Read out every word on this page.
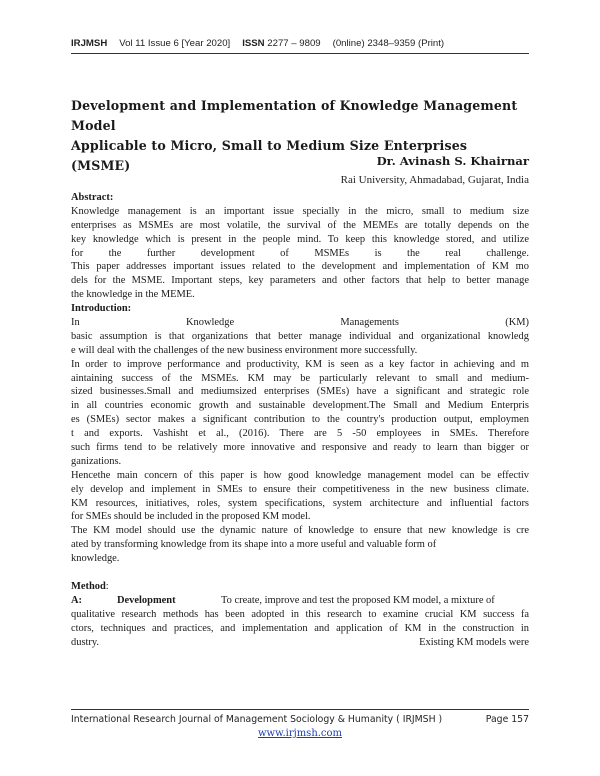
IRJMSH Vol 11 Issue 6 [Year 2020] ISSN 2277 – 9809 (0nline) 2348–9359 (Print)
Development and Implementation of Knowledge Management Model
Applicable to Micro, Small to Medium Size Enterprises (MSME)	Dr. Avinash S. Khairnar
Rai University, Ahmadabad, Gujarat, India
Abstract:
Knowledge management is an important issue specially in the micro, small to medium size
enterprises as MSMEs are most volatile, the survival of the MEMEs are totally depends on the
key knowledge which is present in the people mind. To keep this knowledge stored, and utilize
for the further development of MSMEs is the real challenge.
This paper addresses important issues related to the development and implementation of KM mo
dels for the MSME. Important steps, key parameters and other factors that help to better manage
the knowledge in the MEME.
Introduction:
In Knowledge Managements (KM)
basic assumption is that organizations that better manage individual and organizational knowledg
e will deal with the challenges of the new business environment more successfully.
In order to improve performance and productivity, KM is seen as a key factor in achieving and m
aintaining success of the MSMEs. KM may be particularly relevant to small and medium-
sized businesses.Small and mediumsized enterprises (SMEs) have a significant and strategic role
in all countries economic growth and sustainable development.The Small and Medium Enterpris
es (SMEs) sector makes a significant contribution to the country's production output, employmen
t and exports. Vashisht et al., (2016). There are 5 -50 employees in SMEs. Therefore
such firms tend to be relatively more innovative and responsive and ready to learn than bigger or
ganizations.
Hencethe main concern of this paper is how good knowledge management model can be effectiv
ely develop and implement in SMEs to ensure their competitiveness in the new business climate.
KM resources, initiatives, roles, system specifications, system architecture and influential factors
for SMEs should be included in the proposed KM model.
The KM model should use the dynamic nature of knowledge to ensure that new knowledge is cre
ated by transforming knowledge from its shape into a more useful and valuable form of
knowledge.
Method:
A:	Development	To create, improve and test the proposed KM model, a mixture of
qualitative research methods has been adopted in this research to examine crucial KM success fa
ctors, techniques and practices, and implementation and application of KM in the construction in
dustry.	Existing KM models were
International Research Journal of Management Sociology & Humanity ( IRJMSH )	Page 157
www.irjmsh.com
